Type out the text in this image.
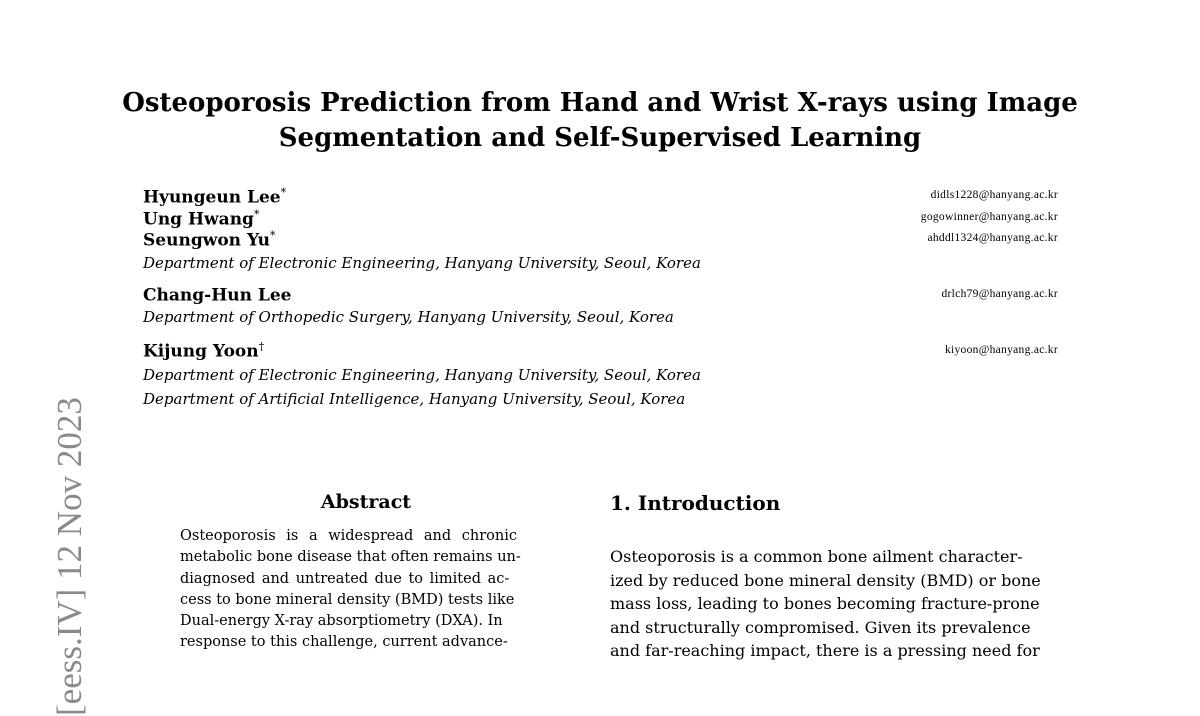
[eess.IV] 12 Nov 2023
Osteoporosis Prediction from Hand and Wrist X-rays using Image
Segmentation and Self-Supervised Learning
Hyungeun Lee*	didls1228@hanyang.ac.kr
Ung Hwang*	gogowinner@hanyang.ac.kr
Seungwon Yu*	ahddl1324@hanyang.ac.kr
Department of Electronic Engineering, Hanyang University, Seoul, Korea
Chang-Hun Lee	drlch79@hanyang.ac.kr
Department of Orthopedic Surgery, Hanyang University, Seoul, Korea
Kijung Yoon†	kiyoon@hanyang.ac.kr
Department of Electronic Engineering, Hanyang University, Seoul, Korea
Department of Artificial Intelligence, Hanyang University, Seoul, Korea
Abstract
Osteoporosis is a widespread and chronic
metabolic bone disease that often remains un-
diagnosed and untreated due to limited ac-
cess to bone mineral density (BMD) tests like
Dual-energy X-ray absorptiometry (DXA). In
response to this challenge, current advance-
1. Introduction
Osteoporosis is a common bone ailment character-
ized by reduced bone mineral density (BMD) or bone
mass loss, leading to bones becoming fracture-prone
and structurally compromised. Given its prevalence
and far-reaching impact, there is a pressing need for
